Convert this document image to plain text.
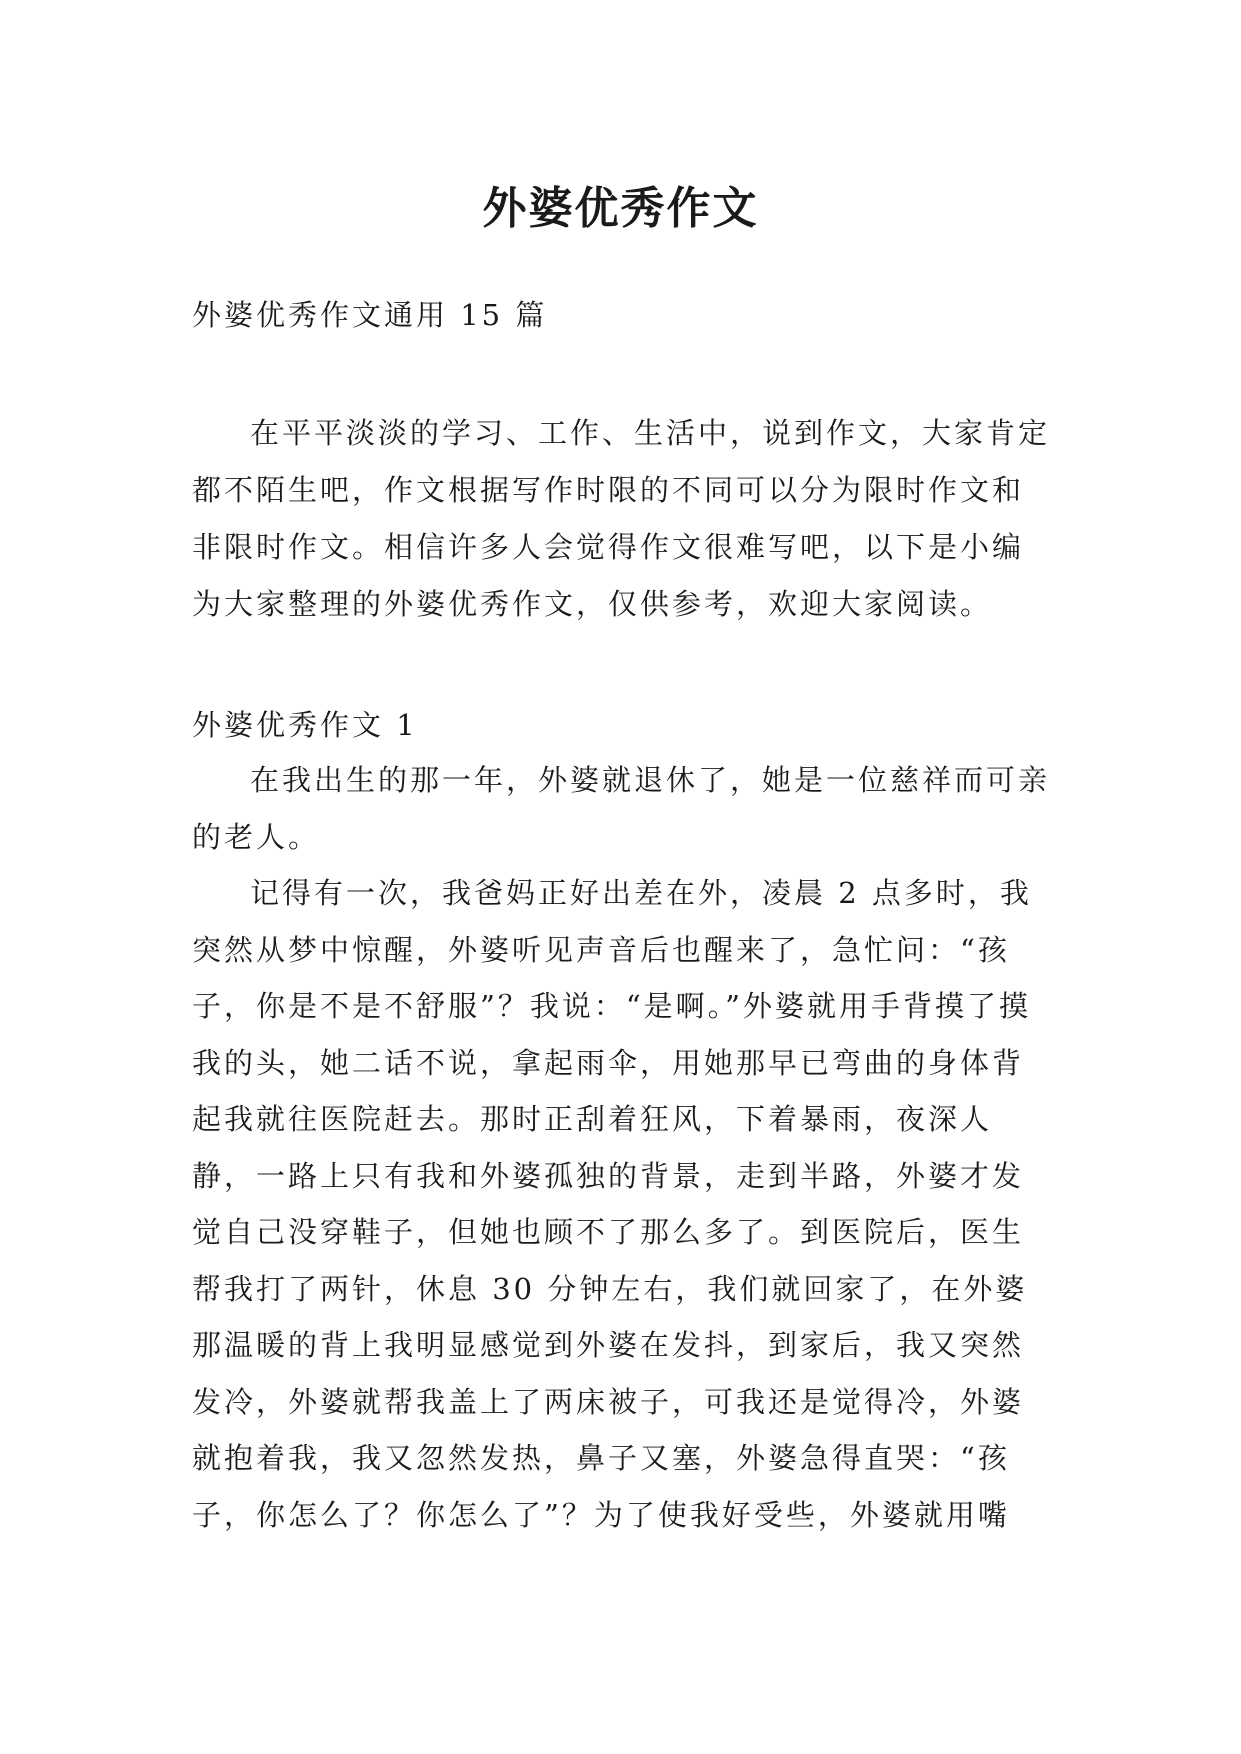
外婆优秀作文
外婆优秀作文通用 15 篇

在平平淡淡的学习、工作、生活中，说到作文，大家肯定都不陌生吧，作文根据写作时限的不同可以分为限时作文和非限时作文。相信许多人会觉得作文很难写吧，以下是小编为大家整理的外婆优秀作文，仅供参考，欢迎大家阅读。

外婆优秀作文 1

在我出生的那一年，外婆就退休了，她是一位慈祥而可亲的老人。

记得有一次，我爸妈正好出差在外，凌晨 2 点多时，我突然从梦中惊醒，外婆听见声音后也醒来了，急忙问：“孩子，你是不是不舒服”？我说：“是啊。”外婆就用手背摸了摸我的头，她二话不说，拿起雨伞，用她那早已弯曲的身体背起我就往医院赶去。那时正刮着狂风，下着暴雨，夜深人静，一路上只有我和外婆孤独的背景，走到半路，外婆才发觉自己没穿鞋子，但她也顾不了那么多了。到医院后，医生帮我打了两针，休息 30 分钟左右，我们就回家了，在外婆那温暖的背上我明显感觉到外婆在发抖，到家后，我又突然发冷，外婆就帮我盖上了两床被子，可我还是觉得冷，外婆就抱着我，我又忽然发热，鼻子又塞，外婆急得直哭：“孩子，你怎么了？你怎么了”？为了使我好受些，外婆就用嘴
